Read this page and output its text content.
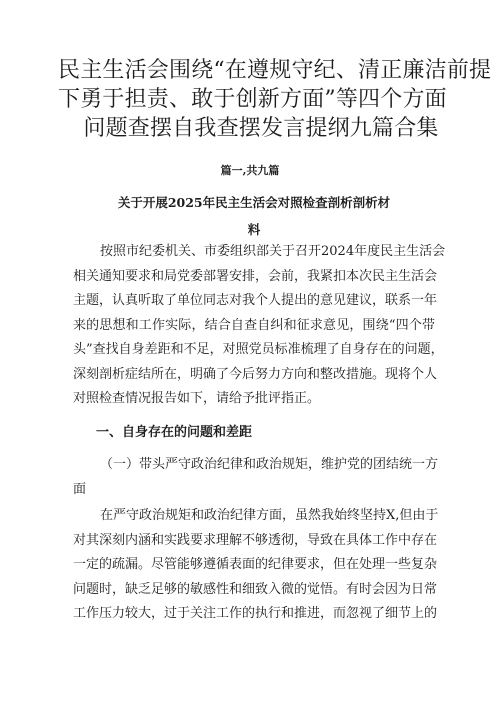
民主生活会围绕“在遵规守纪、清正廉洁前提
下勇于担责、敢于创新方面”等四个方面
问题查摆自我查摆发言提纲九篇合集
篇一,共九篇
关于开展2025年民主生活会对照检查剖析剖析材
料
按照市纪委机关、市委组织部关于召开2024年度民主生活会
相关通知要求和局党委部署安排，会前，我紧扣本次民主生活会
主题，认真听取了单位同志对我个人提出的意见建议，联系一年
来的思想和工作实际，结合自查自纠和征求意见，围绕“四个带
头”查找自身差距和不足，对照党员标准梳理了自身存在的问题，
深刻剖析症结所在，明确了今后努力方向和整改措施。现将个人
对照检查情况报告如下，请给予批评指正。
一、自身存在的问题和差距
（一）带头严守政治纪律和政治规矩，维护党的团结统一方
面
在严守政治规矩和政治纪律方面，虽然我始终坚持X,但由于
对其深刻内涵和实践要求理解不够透彻，导致在具体工作中存在
一定的疏漏。尽管能够遵循表面的纪律要求，但在处理一些复杂
问题时，缺乏足够的敏感性和细致入微的觉悟。有时会因为日常
工作压力较大，过于关注工作的执行和推进，而忽视了细节上的
